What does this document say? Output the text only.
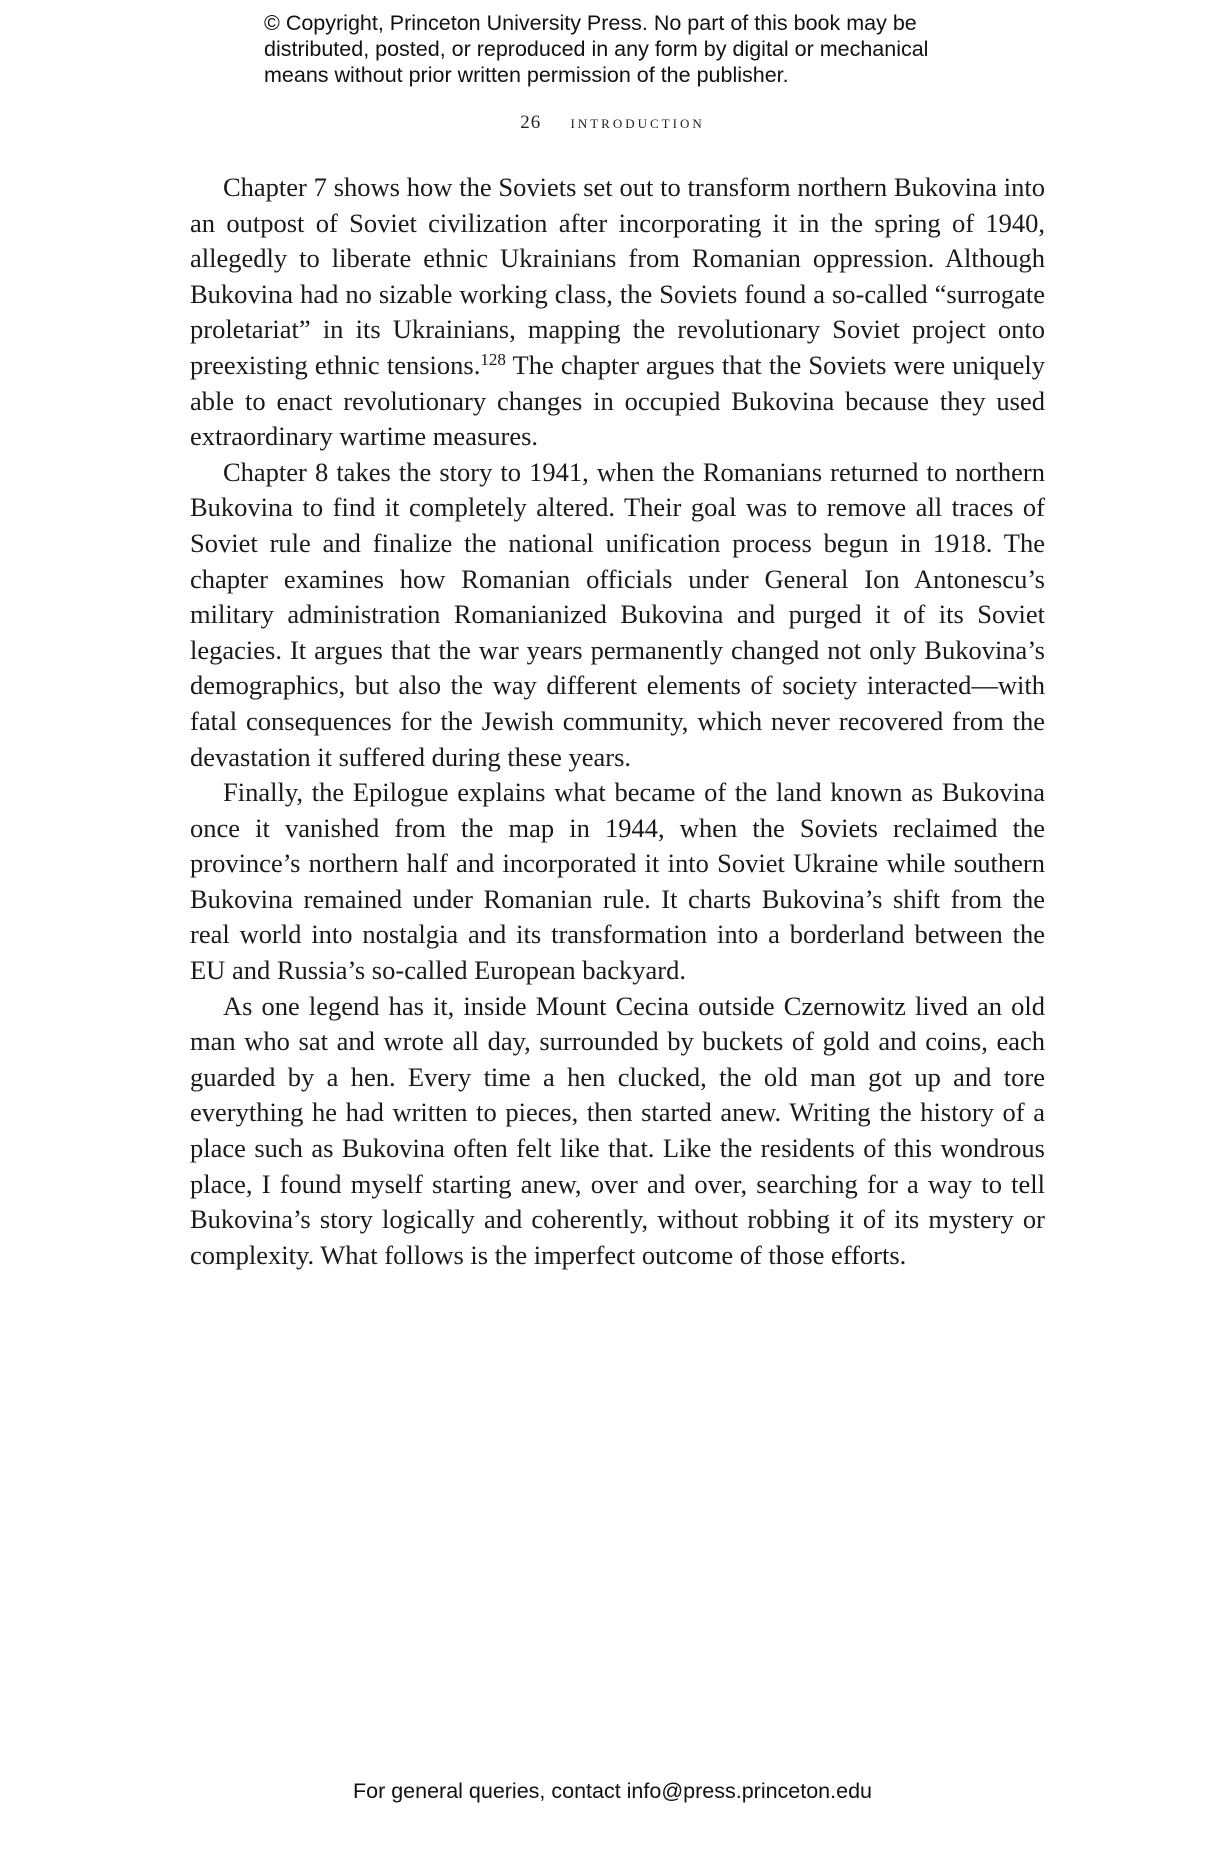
© Copyright, Princeton University Press. No part of this book may be
distributed, posted, or reproduced in any form by digital or mechanical
means without prior written permission of the publisher.
26 introduction

Chapter 7 shows how the Soviets set out to transform northern Bukovina into an outpost of Soviet civilization after incorporating it in the spring of 1940, allegedly to liberate ethnic Ukrainians from Romanian oppression. Although Bukovina had no sizable working class, the Soviets found a so-called “surrogate proletariat” in its Ukrainians, mapping the revolutionary Soviet project onto preexisting ethnic tensions.$^{128}$ The chapter argues that the Soviets were uniquely able to enact revolutionary changes in occupied Bukovina because they used extraordinary wartime measures.

Chapter 8 takes the story to 1941, when the Romanians returned to northern Bukovina to find it completely altered. Their goal was to remove all traces of Soviet rule and finalize the national unification process begun in 1918. The chapter examines how Romanian officials under General Ion Antonescu’s military administration Romanianized Bukovina and purged it of its Soviet legacies. It argues that the war years permanently changed not only Bukovina’s demographics, but also the way different elements of society interacted—with fatal consequences for the Jewish community, which never recovered from the devastation it suffered during these years.

Finally, the Epilogue explains what became of the land known as Bukovina once it vanished from the map in 1944, when the Soviets reclaimed the province’s northern half and incorporated it into Soviet Ukraine while southern Bukovina remained under Romanian rule. It charts Bukovina’s shift from the real world into nostalgia and its transformation into a borderland between the EU and Russia’s so-called European backyard.

As one legend has it, inside Mount Cecina outside Czernowitz lived an old man who sat and wrote all day, surrounded by buckets of gold and coins, each guarded by a hen. Every time a hen clucked, the old man got up and tore everything he had written to pieces, then started anew. Writing the history of a place such as Bukovina often felt like that. Like the residents of this wondrous place, I found myself starting anew, over and over, searching for a way to tell Bukovina’s story logically and coherently, without robbing it of its mystery or complexity. What follows is the imperfect outcome of those efforts.

For general queries, contact info@press.princeton.edu
